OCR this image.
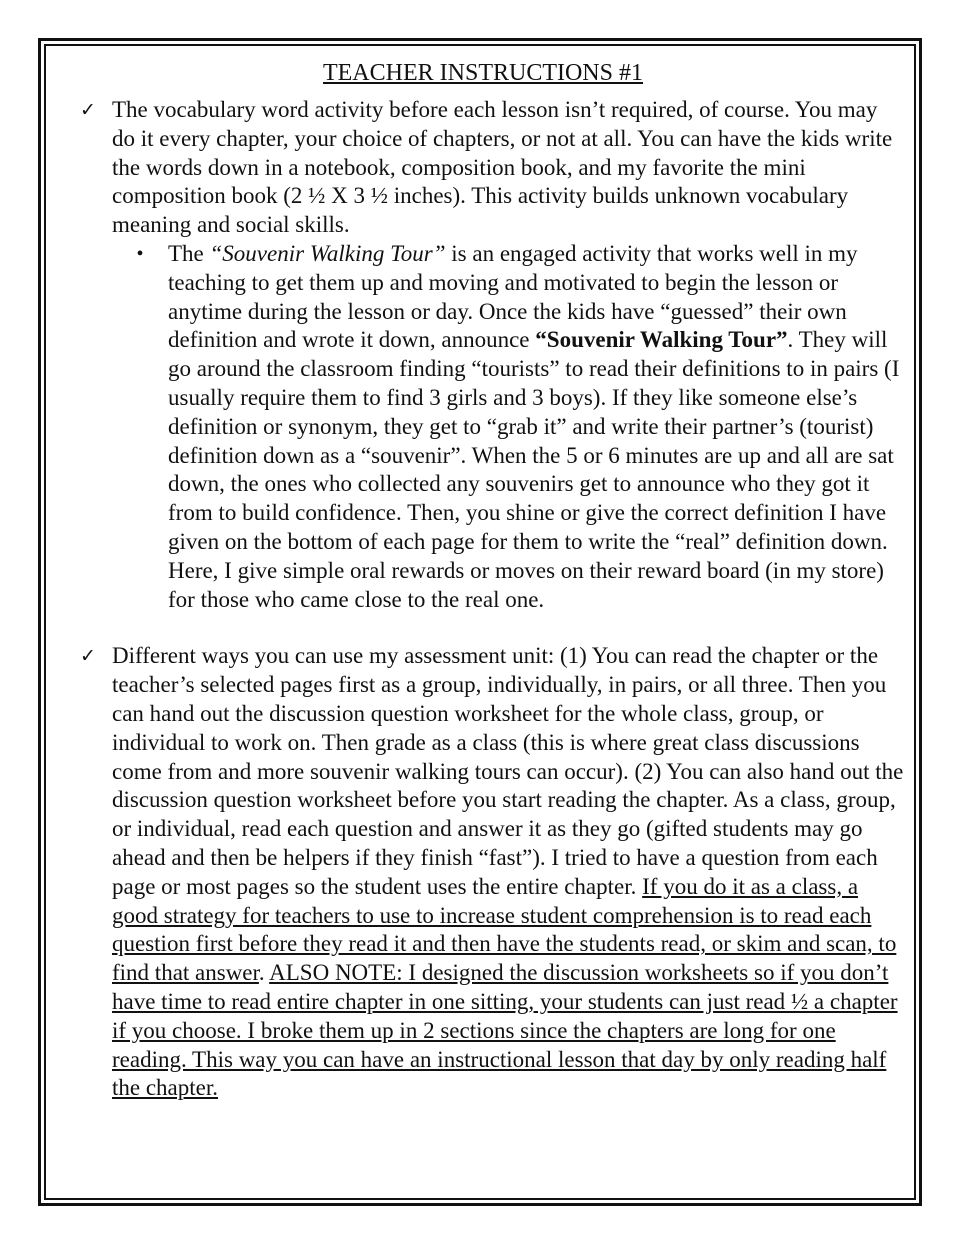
TEACHER INSTRUCTIONS #1
✓ The vocabulary word activity before each lesson isn’t required, of course. You may do it every chapter, your choice of chapters, or not at all. You can have the kids write the words down in a notebook, composition book, and my favorite the mini composition book (2 ½ X 3 ½ inches). This activity builds unknown vocabulary meaning and social skills.

•	The “Souvenir Walking Tour” is an engaged activity that works well in my teaching to get them up and moving and motivated to begin the lesson or anytime during the lesson or day. Once the kids have “guessed” their own definition and wrote it down, announce “Souvenir Walking Tour”. They will go around the classroom finding “tourists” to read their definitions to in pairs (I usually require them to find 3 girls and 3 boys). If they like someone else’s definition or synonym, they get to “grab it” and write their partner’s (tourist) definition down as a “souvenir”. When the 5 or 6 minutes are up and all are sat down, the ones who collected any souvenirs get to announce who they got it from to build confidence. Then, you shine or give the correct definition I have given on the bottom of each page for them to write the “real” definition down. Here, I give simple oral rewards or moves on their reward board (in my store) for those who came close to the real one.

✓ Different ways you can use my assessment unit: (1) You can read the chapter or the teacher’s selected pages first as a group, individually, in pairs, or all three. Then you can hand out the discussion question worksheet for the whole class, group, or individual to work on. Then grade as a class (this is where great class discussions come from and more souvenir walking tours can occur). (2) You can also hand out the discussion question worksheet before you start reading the chapter. As a class, group, or individual, read each question and answer it as they go (gifted students may go ahead and then be helpers if they finish “fast”). I tried to have a question from each page or most pages so the student uses the entire chapter. If you do it as a class, a good strategy for teachers to use to increase student comprehension is to read each question first before they read it and then have the students read, or skim and scan, to find that answer. ALSO NOTE: I designed the discussion worksheets so if you don’t have time to read entire chapter in one sitting, your students can just read ½ a chapter if you choose. I broke them up in 2 sections since the chapters are long for one reading. This way you can have an instructional lesson that day by only reading half the chapter.
